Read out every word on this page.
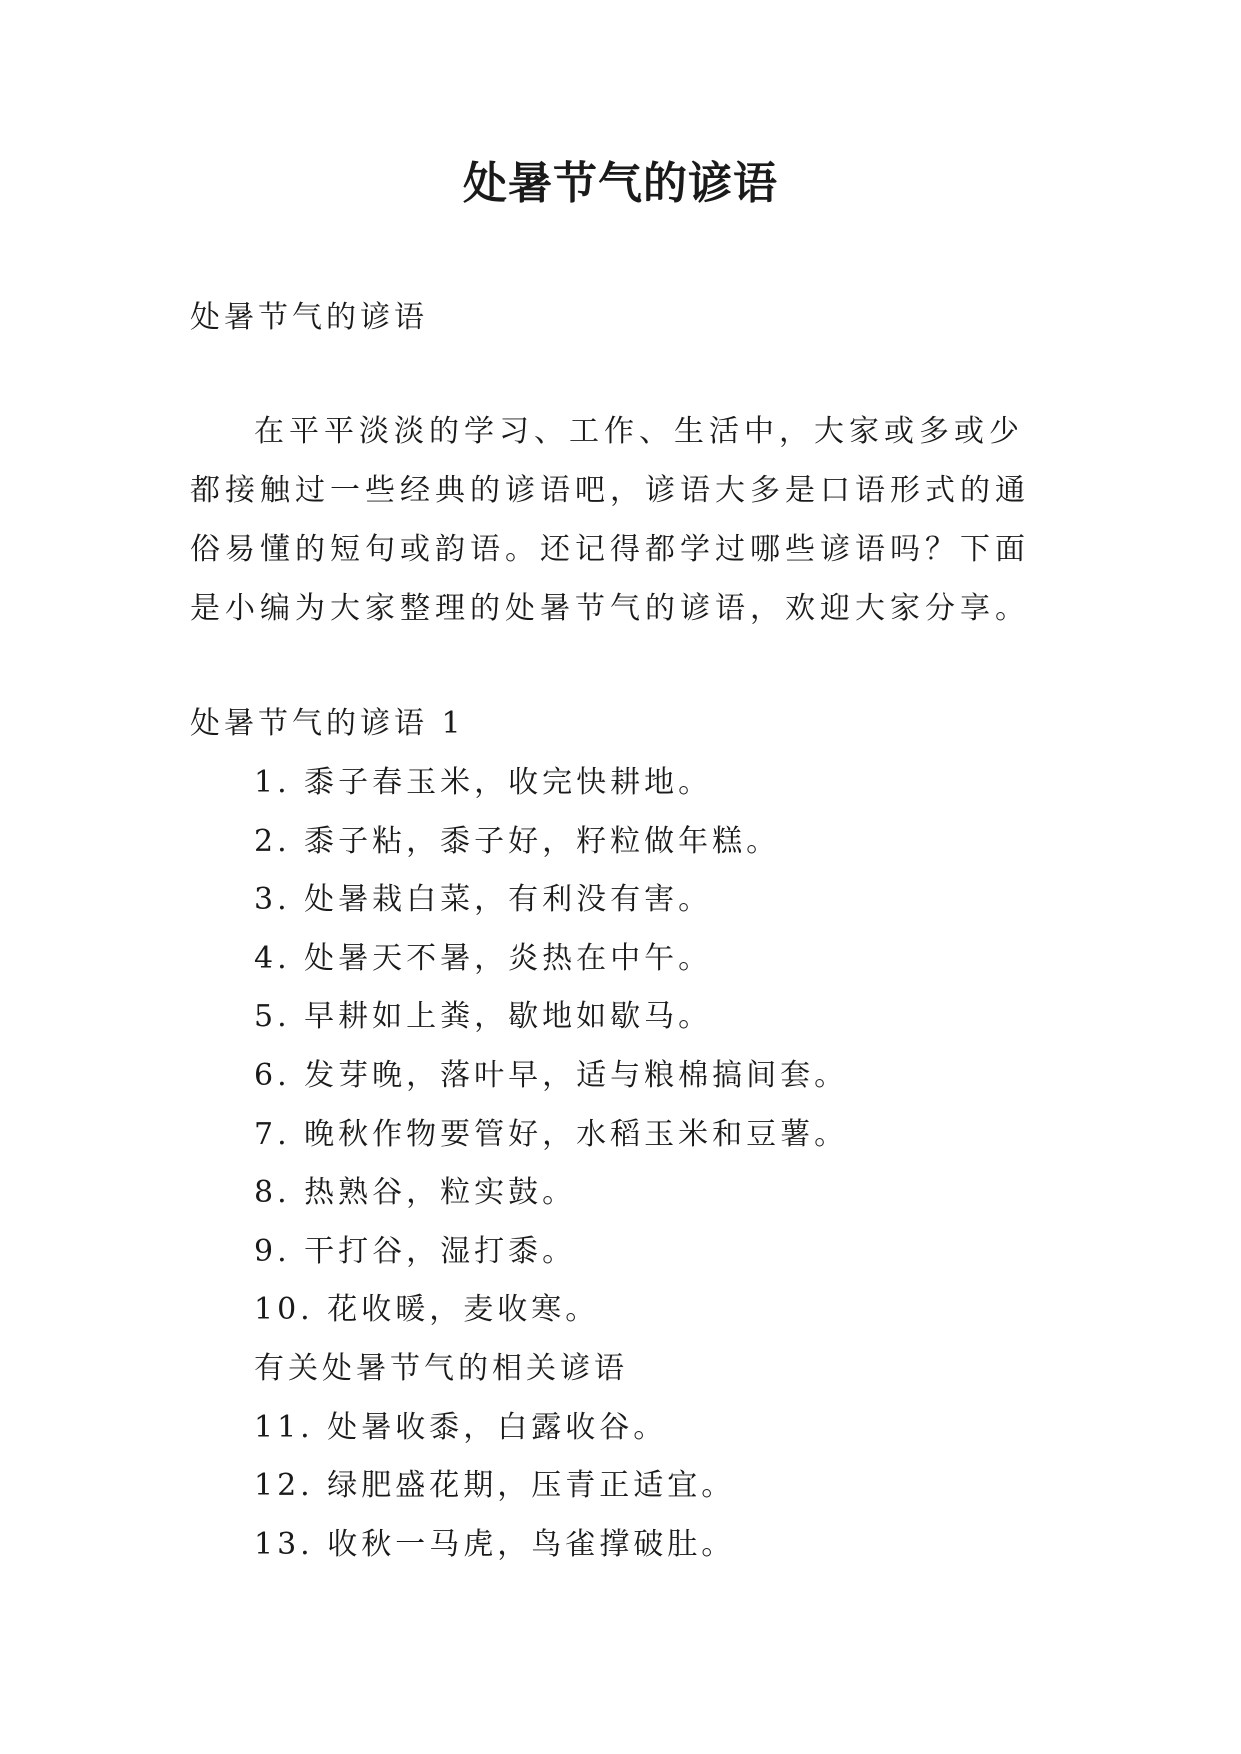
处暑节气的谚语

处暑节气的谚语

在平平淡淡的学习、工作、生活中，大家或多或少都接触过一些经典的谚语吧，谚语大多是口语形式的通俗易懂的短句或韵语。还记得都学过哪些谚语吗？下面是小编为大家整理的处暑节气的谚语，欢迎大家分享。

处暑节气的谚语 1

1. 黍子春玉米，收完快耕地。
2. 黍子粘，黍子好，籽粒做年糕。
3. 处暑栽白菜，有利没有害。
4. 处暑天不暑，炎热在中午。
5. 早耕如上粪，歇地如歇马。
6. 发芽晚，落叶早，适与粮棉搞间套。
7. 晚秋作物要管好，水稻玉米和豆薯。
8. 热熟谷，粒实鼓。
9. 干打谷，湿打黍。
10. 花收暖，麦收寒。
有关处暑节气的相关谚语
11. 处暑收黍，白露收谷。
12. 绿肥盛花期，压青正适宜。
13. 收秋一马虎，鸟雀撑破肚。
